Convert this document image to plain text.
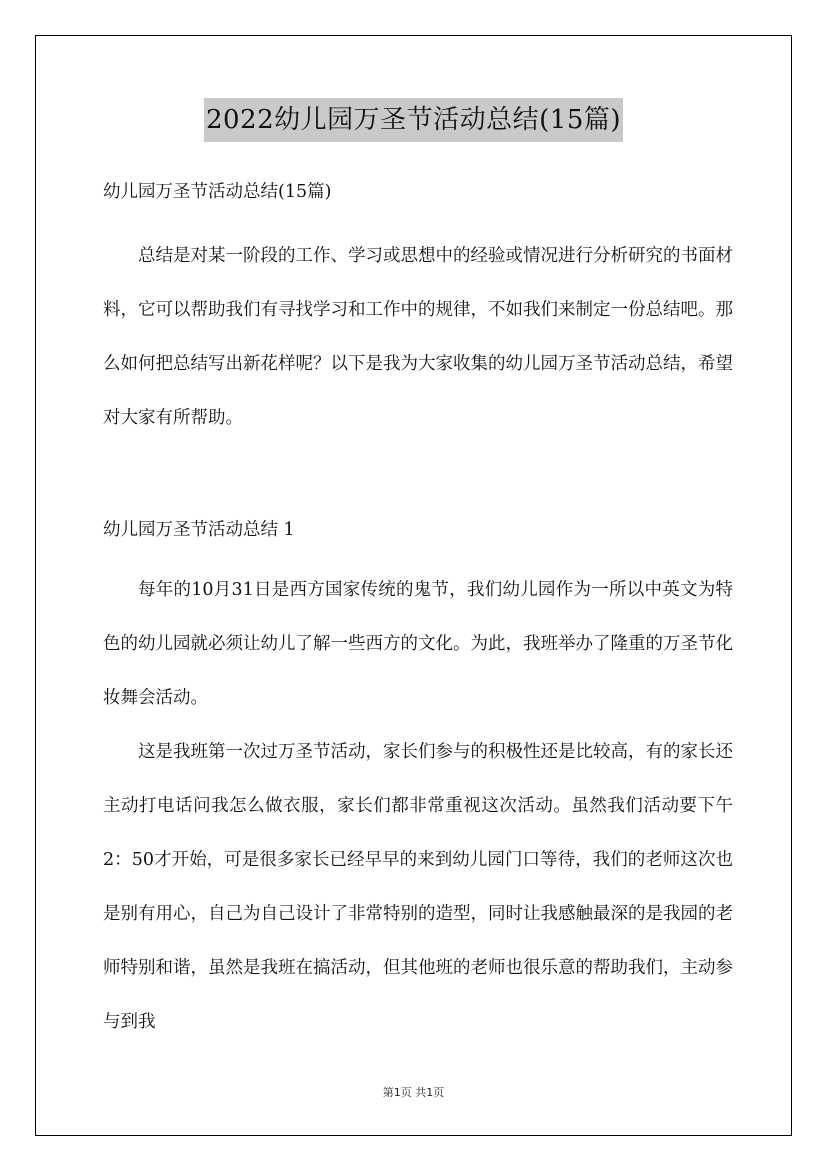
2022幼儿园万圣节活动总结(15篇)
幼儿园万圣节活动总结(15篇)

总结是对某一阶段的工作、学习或思想中的经验或情况进行分析研究的书面材料，它可以帮助我们有寻找学习和工作中的规律，不如我们来制定一份总结吧。那么如何把总结写出新花样呢？以下是我为大家收集的幼儿园万圣节活动总结，希望对大家有所帮助。

幼儿园万圣节活动总结 1

每年的10月31日是西方国家传统的鬼节，我们幼儿园作为一所以中英文为特色的幼儿园就必须让幼儿了解一些西方的文化。为此，我班举办了隆重的万圣节化妆舞会活动。

这是我班第一次过万圣节活动，家长们参与的积极性还是比较高，有的家长还主动打电话问我怎么做衣服，家长们都非常重视这次活动。虽然我们活动要下午2：50才开始，可是很多家长已经早早的来到幼儿园门口等待，我们的老师这次也是别有用心，自己为自己设计了非常特别的造型，同时让我感触最深的是我园的老师特别和谐，虽然是我班在搞活动，但其他班的老师也很乐意的帮助我们，主动参与到我

第1页 共1页
